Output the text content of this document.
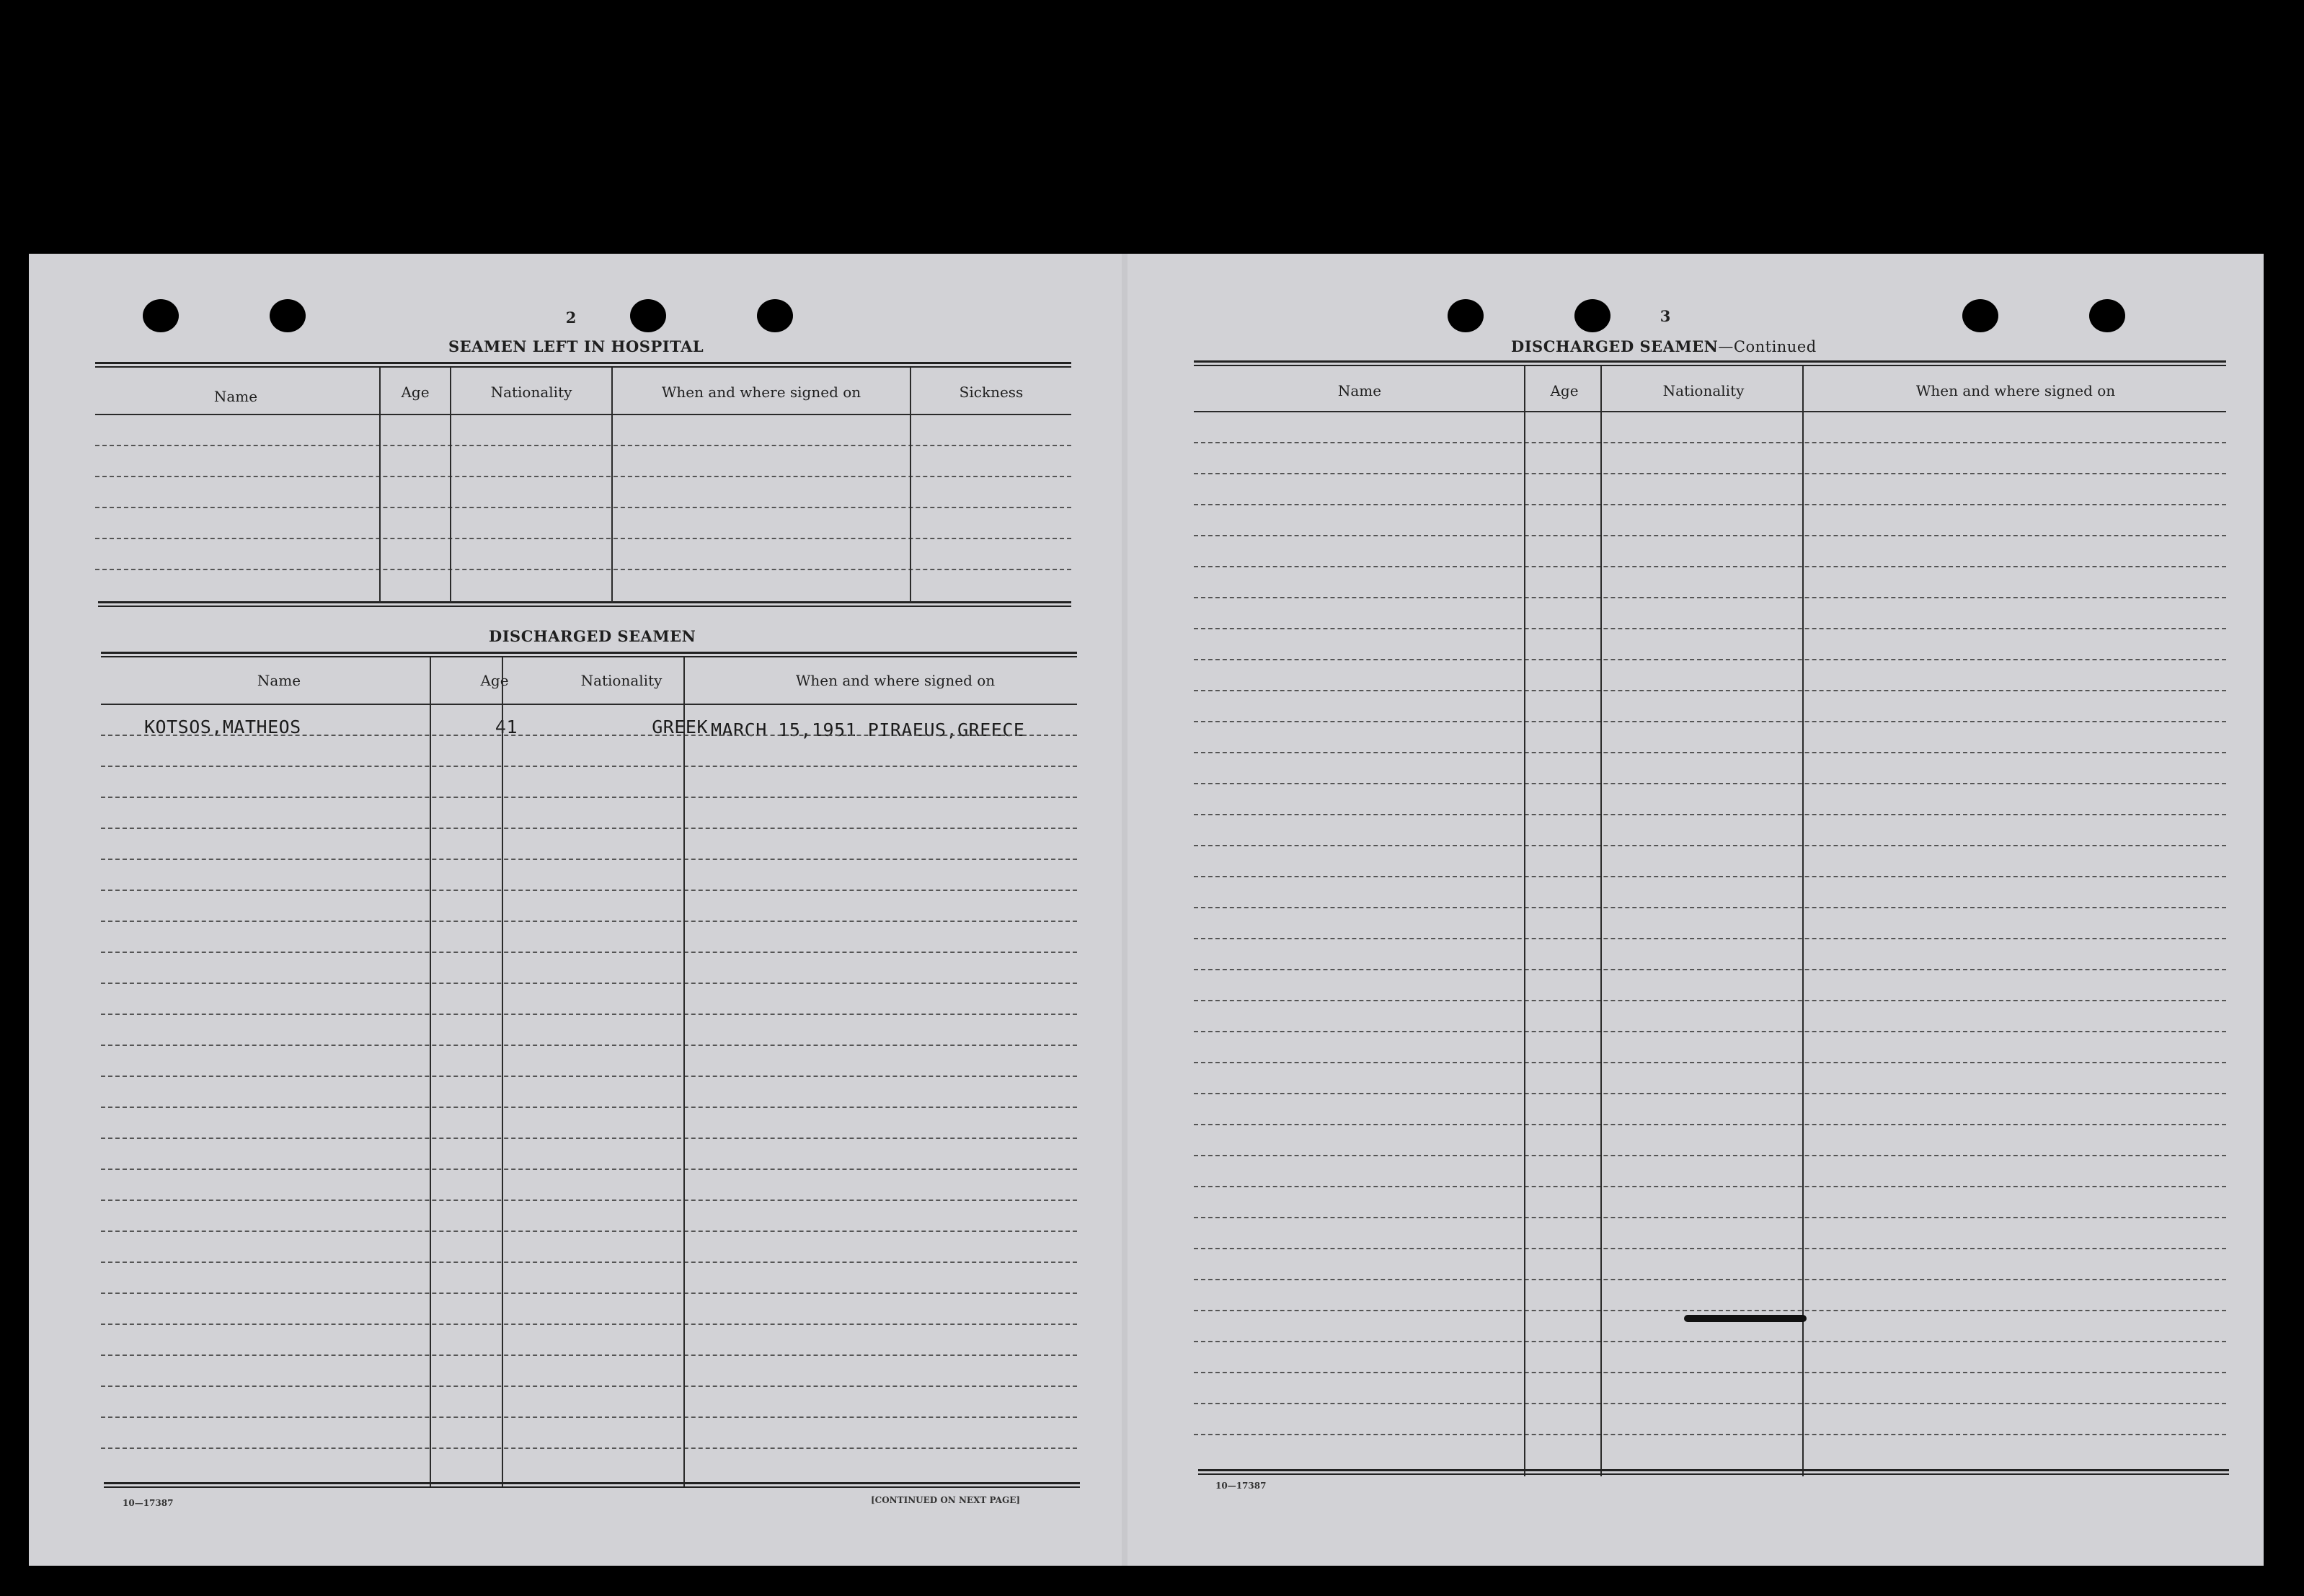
2
SEAMEN LEFT IN HOSPITAL
Name	Age	Nationality	When and where signed on	Sickness
DISCHARGED SEAMEN
Name	Age	Nationality	When and where signed on
KOTSOS,MATHEOS	41	GREEK MARCH 15,1951 PIRAEUS,GREECE
10—17387	[CONTINUED ON NEXT PAGE]
3
DISCHARGED SEAMEN—Continued
Name	Age	Nationality	When and where signed on
10—17387
